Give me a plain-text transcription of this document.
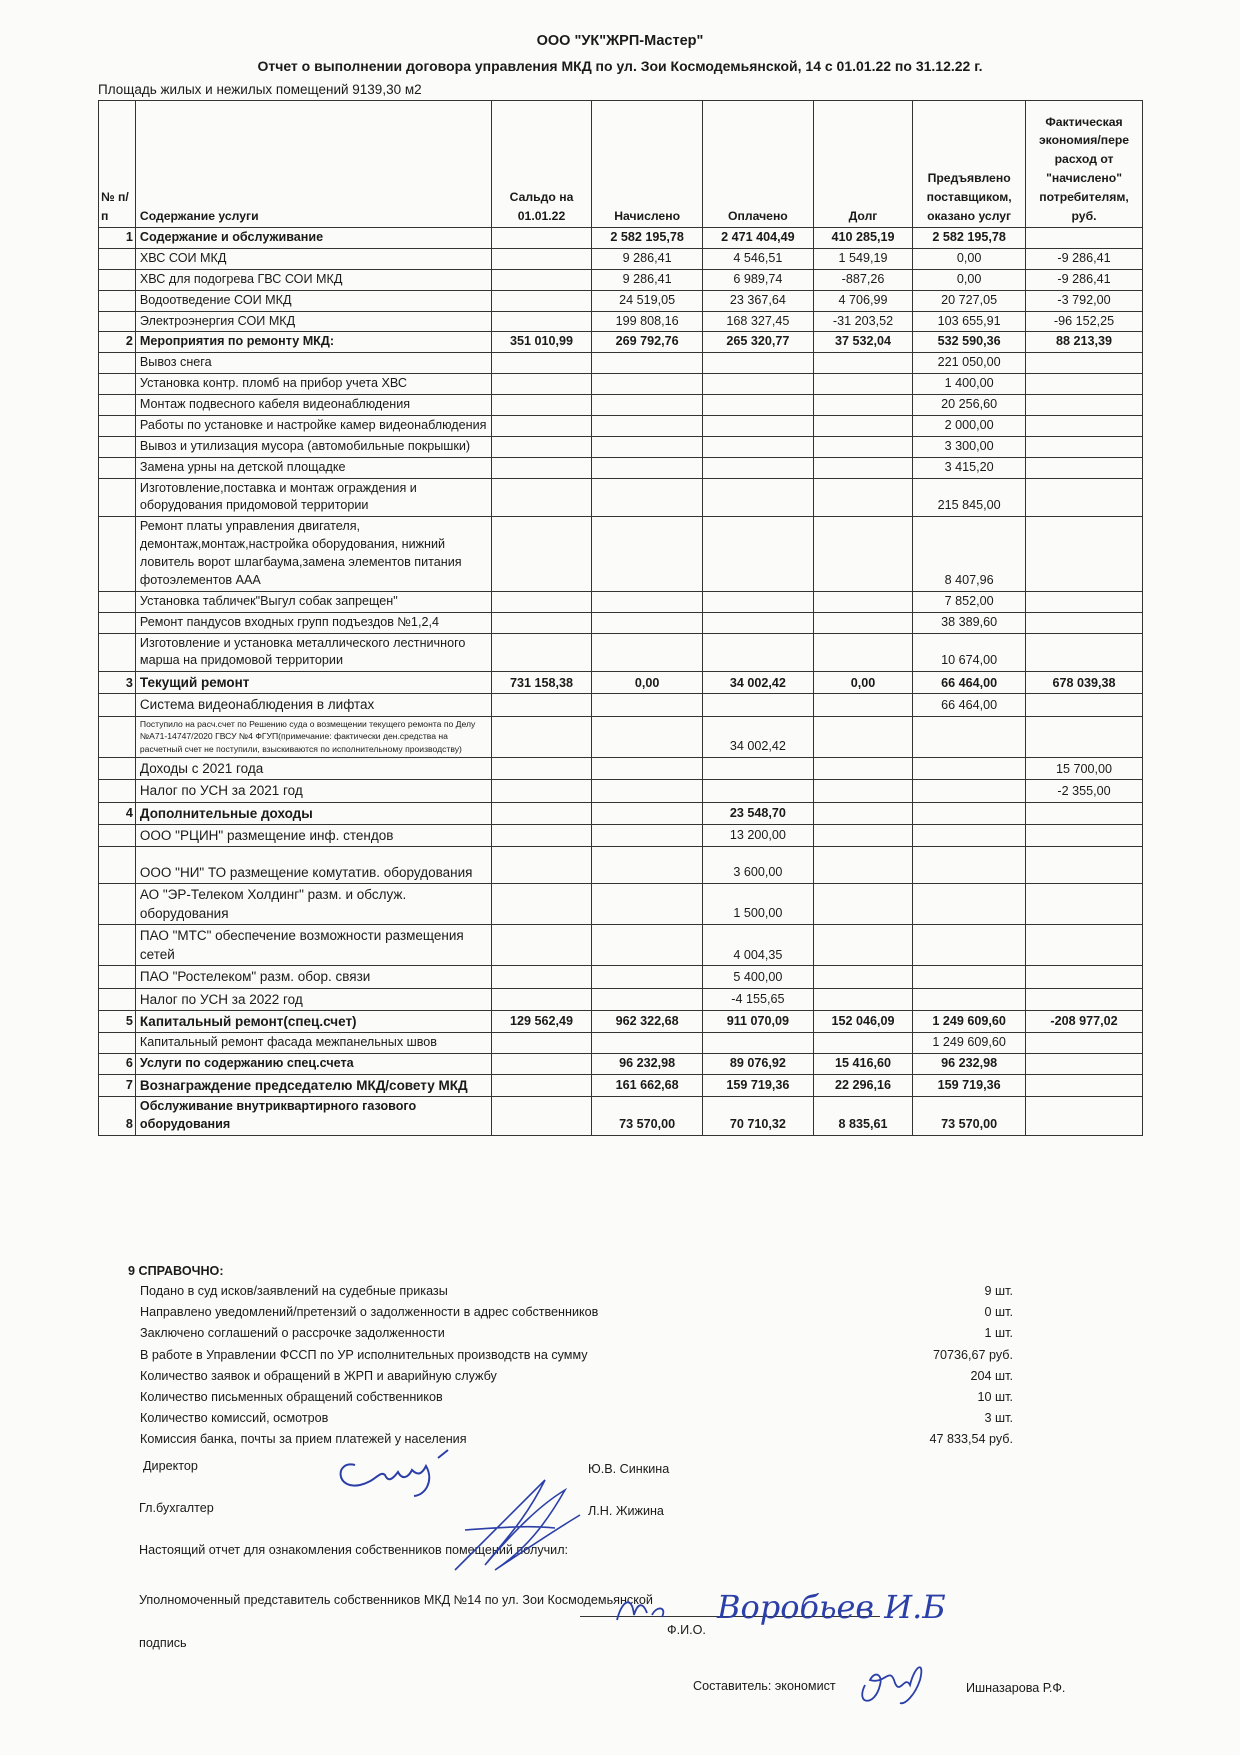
ООО "УК"ЖРП-Мастер"
Отчет о выполнении договора управления МКД по ул. Зои Космодемьянской, 14 с 01.01.22 по 31.12.22 г.
Площадь жилых и нежилых помещений 9139,30 м2
№ п/п	Содержание услуги	Сальдо на 01.01.22	Начислено	Оплачено	Долг	Предъявлено поставщиком, оказано услуг	Фактическая экономия/пере расход от "начислено" потребителям, руб.
1	Содержание и обслуживание		2 582 195,78	2 471 404,49	410 285,19	2 582 195,78	
	ХВС СОИ МКД		9 286,41	4 546,51	1 549,19	0,00	-9 286,41
	ХВС для подогрева ГВС СОИ МКД		9 286,41	6 989,74	-887,26	0,00	-9 286,41
	Водоотведение СОИ МКД		24 519,05	23 367,64	4 706,99	20 727,05	-3 792,00
	Электроэнергия СОИ МКД		199 808,16	168 327,45	-31 203,52	103 655,91	-96 152,25
2	Мероприятия по ремонту МКД:	351 010,99	269 792,76	265 320,77	37 532,04	532 590,36	88 213,39
	Вывоз снега					221 050,00	
	Установка контр. пломб на прибор учета ХВС					1 400,00	
	Монтаж подвесного кабеля видеонаблюдения					20 256,60	
	Работы по установке и настройке камер видеонаблюдения					2 000,00	
	Вывоз и утилизация мусора (автомобильные покрышки)					3 300,00	
	Замена урны на детской площадке					3 415,20	
	Изготовление,поставка и монтаж ограждения и оборудования придомовой территории					215 845,00	
	Ремонт платы управления двигателя, демонтаж,монтаж,настройка оборудования, нижний ловитель ворот шлагбаума,замена элементов питания фотоэлементов ААА					8 407,96	
	Установка табличек"Выгул собак запрещен"					7 852,00	
	Ремонт пандусов входных групп подъездов №1,2,4					38 389,60	
	Изготовление и установка металлического лестничного марша на придомовой территории					10 674,00	
3	Текущий ремонт	731 158,38	0,00	34 002,42	0,00	66 464,00	678 039,38
	Система видеонаблюдения в лифтах					66 464,00	

	Поступило на расч.счет по Решению суда о возмещении текущего ремонта по Делу №А71-14747/2020 ГВСУ №4 ФГУП(примечание: фактически ден.средства на расчетный счет не поступили, взыскиваются по исполнительному производству)			34 002,42			
	Доходы с 2021 года						15 700,00
	Налог по УСН за 2021 год						-2 355,00
4	Дополнительные доходы			23 548,70			
	ООО "РЦИН" размещение инф. стендов			13 200,00			
	ООО "НИ" ТО размещение комутатив. оборудования			3 600,00			
	АО "ЭР-Телеком Холдинг" разм. и обслуж. оборудования			1 500,00			
	ПАО "МТС" обеспечение возможности размещения сетей			4 004,35			
	ПАО "Ростелеком" разм. обор. связи			5 400,00			
	Налог по УСН за 2022 год			-4 155,65			
5	Капитальный ремонт(спец.счет)	129 562,49	962 322,68	911 070,09	152 046,09	1 249 609,60	-208 977,02
	Капитальный ремонт фасада межпанельных швов					1 249 609,60	
6	Услуги по содержанию спец.счета		96 232,98	89 076,92	15 416,60	96 232,98	
7	Вознаграждение председателю МКД/совету МКД		161 662,68	159 719,36	22 296,16	159 719,36	
8	Обслуживание внутриквартирного газового оборудования		73 570,00	70 710,32	8 835,61	73 570,00	
9 СПРАВОЧНО:
Подано в суд исков/заявлений на судебные приказы	9 шт.
Направлено уведомлений/претензий о задолженности в адрес собственников	0 шт.
Заключено соглашений о рассрочке задолженности	1 шт.
В работе в Управлении ФССП по УР исполнительных производств на сумму	70736,67 руб.
Количество заявок и обращений в ЖРП и аварийную службу	204 шт.
Количество письменных обращений собственников	10 шт.
Количество комиссий, осмотров	3 шт.
Комиссия банка, почты за прием платежей у населения	47 833,54 руб.
Директор	Ю.В. Синкина
Гл.бухгалтер	Л.Н. Жижина
Настоящий отчет для ознакомления собственников помещений получил:
Уполномоченный представитель собственников МКД №14 по ул. Зои Космодемьянской
подпись
Ф.И.О.
Составитель: экономист	Ишназарова Р.Ф.
Воробьев И.Б
